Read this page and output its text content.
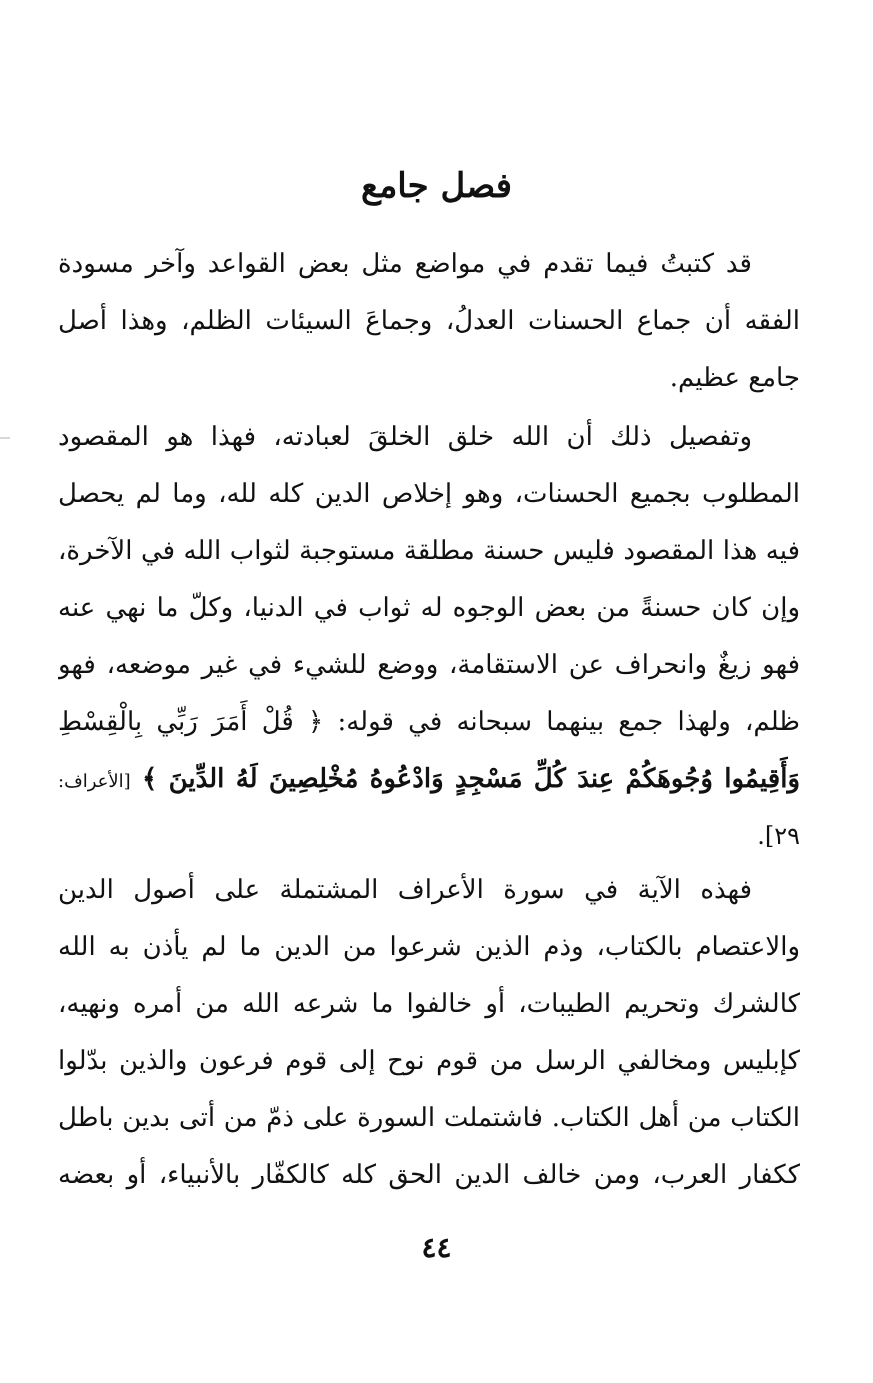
فصل جامع
قد كتبتُ فيما تقدم في مواضع مثل بعض القواعد وآخر مسودة
الفقه أن جماع الحسنات العدلُ، وجماعَ السيئات الظلم، وهذا أصل
جامع عظيم.
وتفصيل ذلك أن الله خلق الخلقَ لعبادته، فهذا هو المقصود
المطلوب بجميع الحسنات، وهو إخلاص الدين كله لله، وما لم يحصل
فيه هذا المقصود فليس حسنة مطلقة مستوجبة لثواب الله في الآخرة،
وإن كان حسنةً من بعض الوجوه له ثواب في الدنيا، وكلّ ما نهي عنه
فهو زيغٌ وانحراف عن الاستقامة، ووضع للشيء في غير موضعه، فهو
ظلم، ولهذا جمع بينهما سبحانه في قوله: ﴿ قُلْ أَمَرَ رَبِّي بِالْقِسْطِ
وَأَقِيمُوا وُجُوهَكُمْ عِندَ كُلِّ مَسْجِدٍ وَادْعُوهُ مُخْلِصِينَ لَهُ الدِّينَ ﴾ [الأعراف:
٢٩].
فهذه الآية في سورة الأعراف المشتملة على أصول الدين
والاعتصام بالكتاب، وذم الذين شرعوا من الدين ما لم يأذن به الله
كالشرك وتحريم الطيبات، أو خالفوا ما شرعه الله من أمره ونهيه،
كإبليس ومخالفي الرسل من قوم نوح إلى قوم فرعون والذين بدّلوا
الكتاب من أهل الكتاب. فاشتملت السورة على ذمّ من أتى بدين باطل
ككفار العرب، ومن خالف الدين الحق كله كالكفّار بالأنبياء، أو بعضه
٤٤
